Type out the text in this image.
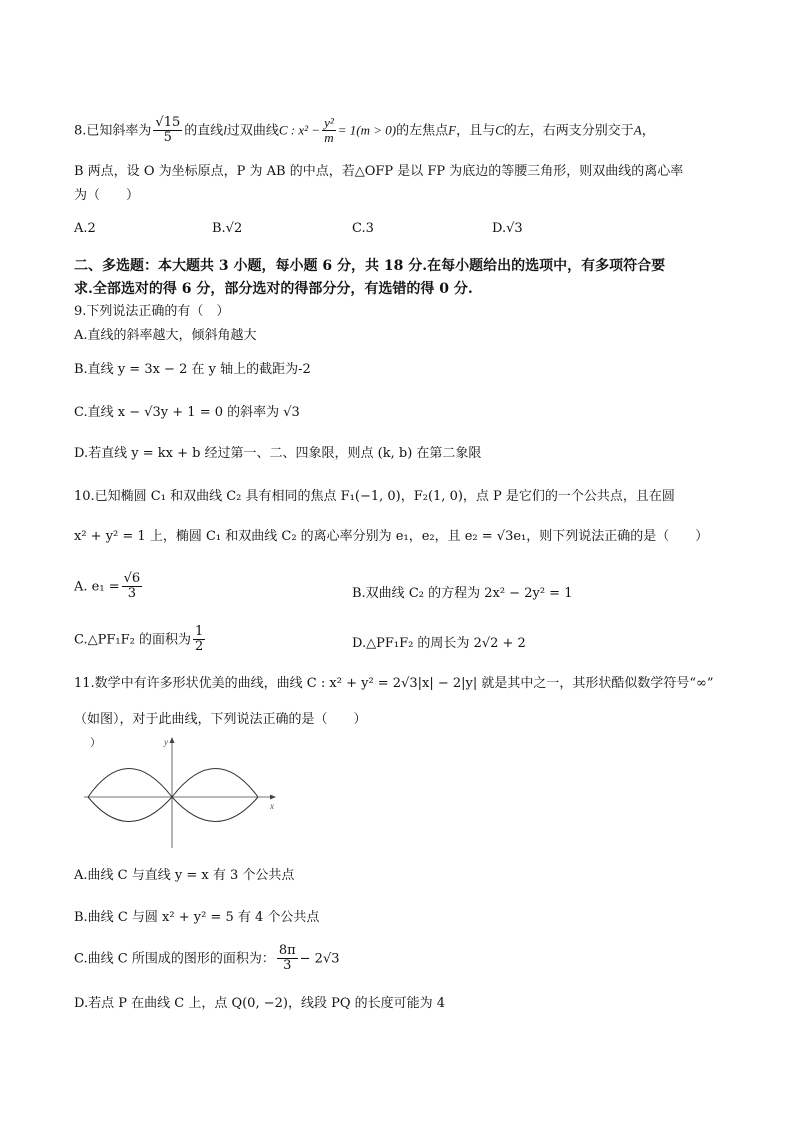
8.已知斜率为 $\frac{√15}{5}$ 的直线l过双曲线C : $x^2 - \frac{\text{y²}}{m} = 1(m > 0)$的左焦点F，且与C的左，右两支分别交于A，
B 两点，设 O 为坐标原点，P 为 AB 的中点，若△OFP 是以 FP 为底边的等腰三角形，则双曲线的离心率
为（　　）
A.2	B.√2	C.3	D.√3
二、多选题：本大题共 3 小题，每小题 6 分，共 18 分.在每小题给出的选项中，有多项符合要
求.全部选对的得 6 分，部分选对的得部分分，有选错的得 0 分.
9.下列说法正确的有（　）
A.直线的斜率越大，倾斜角越大
B.直线 y = 3x − 2 在 y 轴上的截距为-2
C.直线 x − √3y + 1 = 0 的斜率为 √3
D.若直线 y = kx + b 经过第一、二、四象限，则点 (k, b) 在第二象限
10.已知椭圆 C₁ 和双曲线 C₂ 具有相同的焦点 F₁(−1, 0)，F₂(1, 0)，点 P 是它们的一个公共点，且在圆
x² + y² = 1 上，椭圆 C₁ 和双曲线 C₂ 的离心率分别为 e₁，e₂，且 e₂ = √3e₁，则下列说法正确的是（　　）
A. $e_1 = \frac{√6}{3}$	B.双曲线 C₂ 的方程为 2x² − 2y² = 1
C.△PF₁F₂ 的面积为 $\frac{1}{2}$	D.△PF₁F₂ 的周长为 2√2 + 2
11.数学中有许多形状优美的曲线，曲线 C : x² + y² = 2√3|x| − 2|y| 就是其中之一，其形状酷似数学符号“∞”
（如图），对于此曲线，下列说法正确的是（　　）
）
x
y
A.曲线 C 与直线 y = x 有 3 个公共点
B.曲线 C 与圆 x² + y² = 5 有 4 个公共点
C.曲线 C 所围成的图形的面积为： $\frac{8\pi}{3} - 2√3$
D.若点 P 在曲线 C 上，点 Q(0, −2)，线段 PQ 的长度可能为 4
